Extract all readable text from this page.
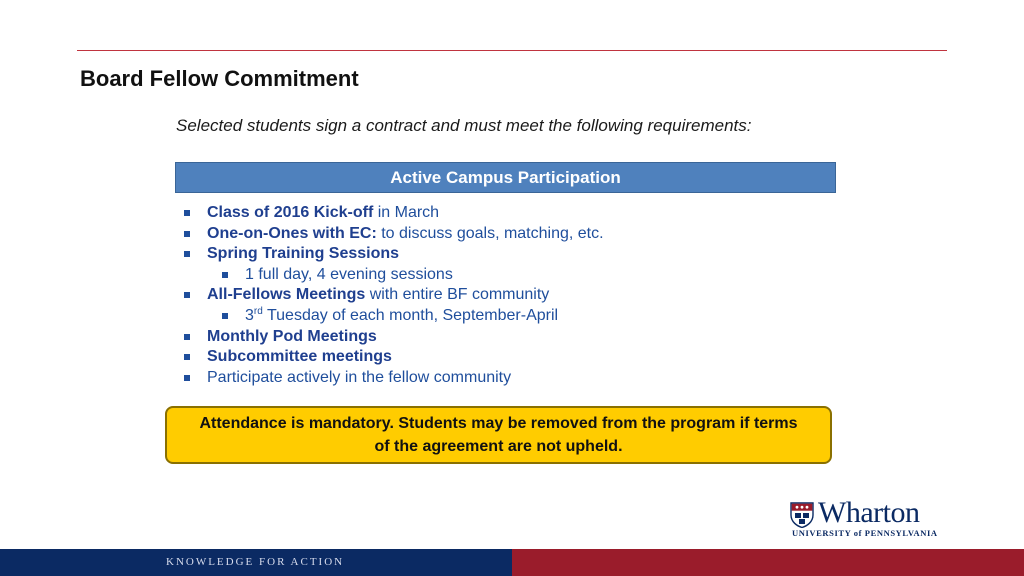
Board Fellow Commitment
Selected students sign a contract and must meet the following requirements:
Active Campus Participation
Class of 2016 Kick-off in March
One-on-Ones with EC: to discuss goals, matching, etc.
Spring Training Sessions
1 full day, 4 evening sessions
All-Fellows Meetings with entire BF community
3rd Tuesday of each month, September-April
Monthly Pod Meetings
Subcommittee meetings
Participate actively in the fellow community
Attendance is mandatory. Students may be removed from the program if terms
of the agreement are not upheld.
Wharton
UNIVERSITY of PENNSYLVANIA
KNOWLEDGE FOR ACTION
